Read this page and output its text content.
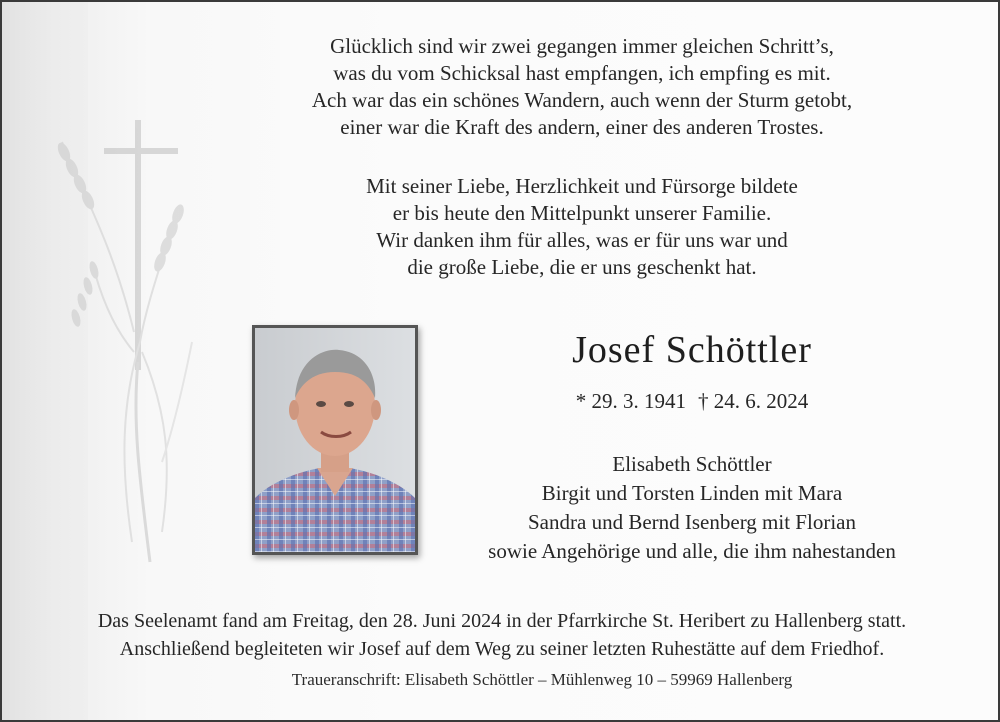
Glücklich sind wir zwei gegangen immer gleichen Schritt’s,
was du vom Schicksal hast empfangen, ich empfing es mit.
Ach war das ein schönes Wandern, auch wenn der Sturm getobt,
einer war die Kraft des andern, einer des anderen Trostes.
Mit seiner Liebe, Herzlichkeit und Fürsorge bildete
er bis heute den Mittelpunkt unserer Familie.
Wir danken ihm für alles, was er für uns war und
die große Liebe, die er uns geschenkt hat.
Josef Schöttler
* 29. 3. 1941 † 24. 6. 2024
Elisabeth Schöttler
Birgit und Torsten Linden mit Mara
Sandra und Bernd Isenberg mit Florian
sowie Angehörige und alle, die ihm nahestanden
Das Seelenamt fand am Freitag, den 28. Juni 2024 in der Pfarrkirche St. Heribert zu Hallenberg statt.
Anschließend begleiteten wir Josef auf dem Weg zu seiner letzten Ruhestätte auf dem Friedhof.
Traueranschrift: Elisabeth Schöttler – Mühlenweg 10 – 59969 Hallenberg
